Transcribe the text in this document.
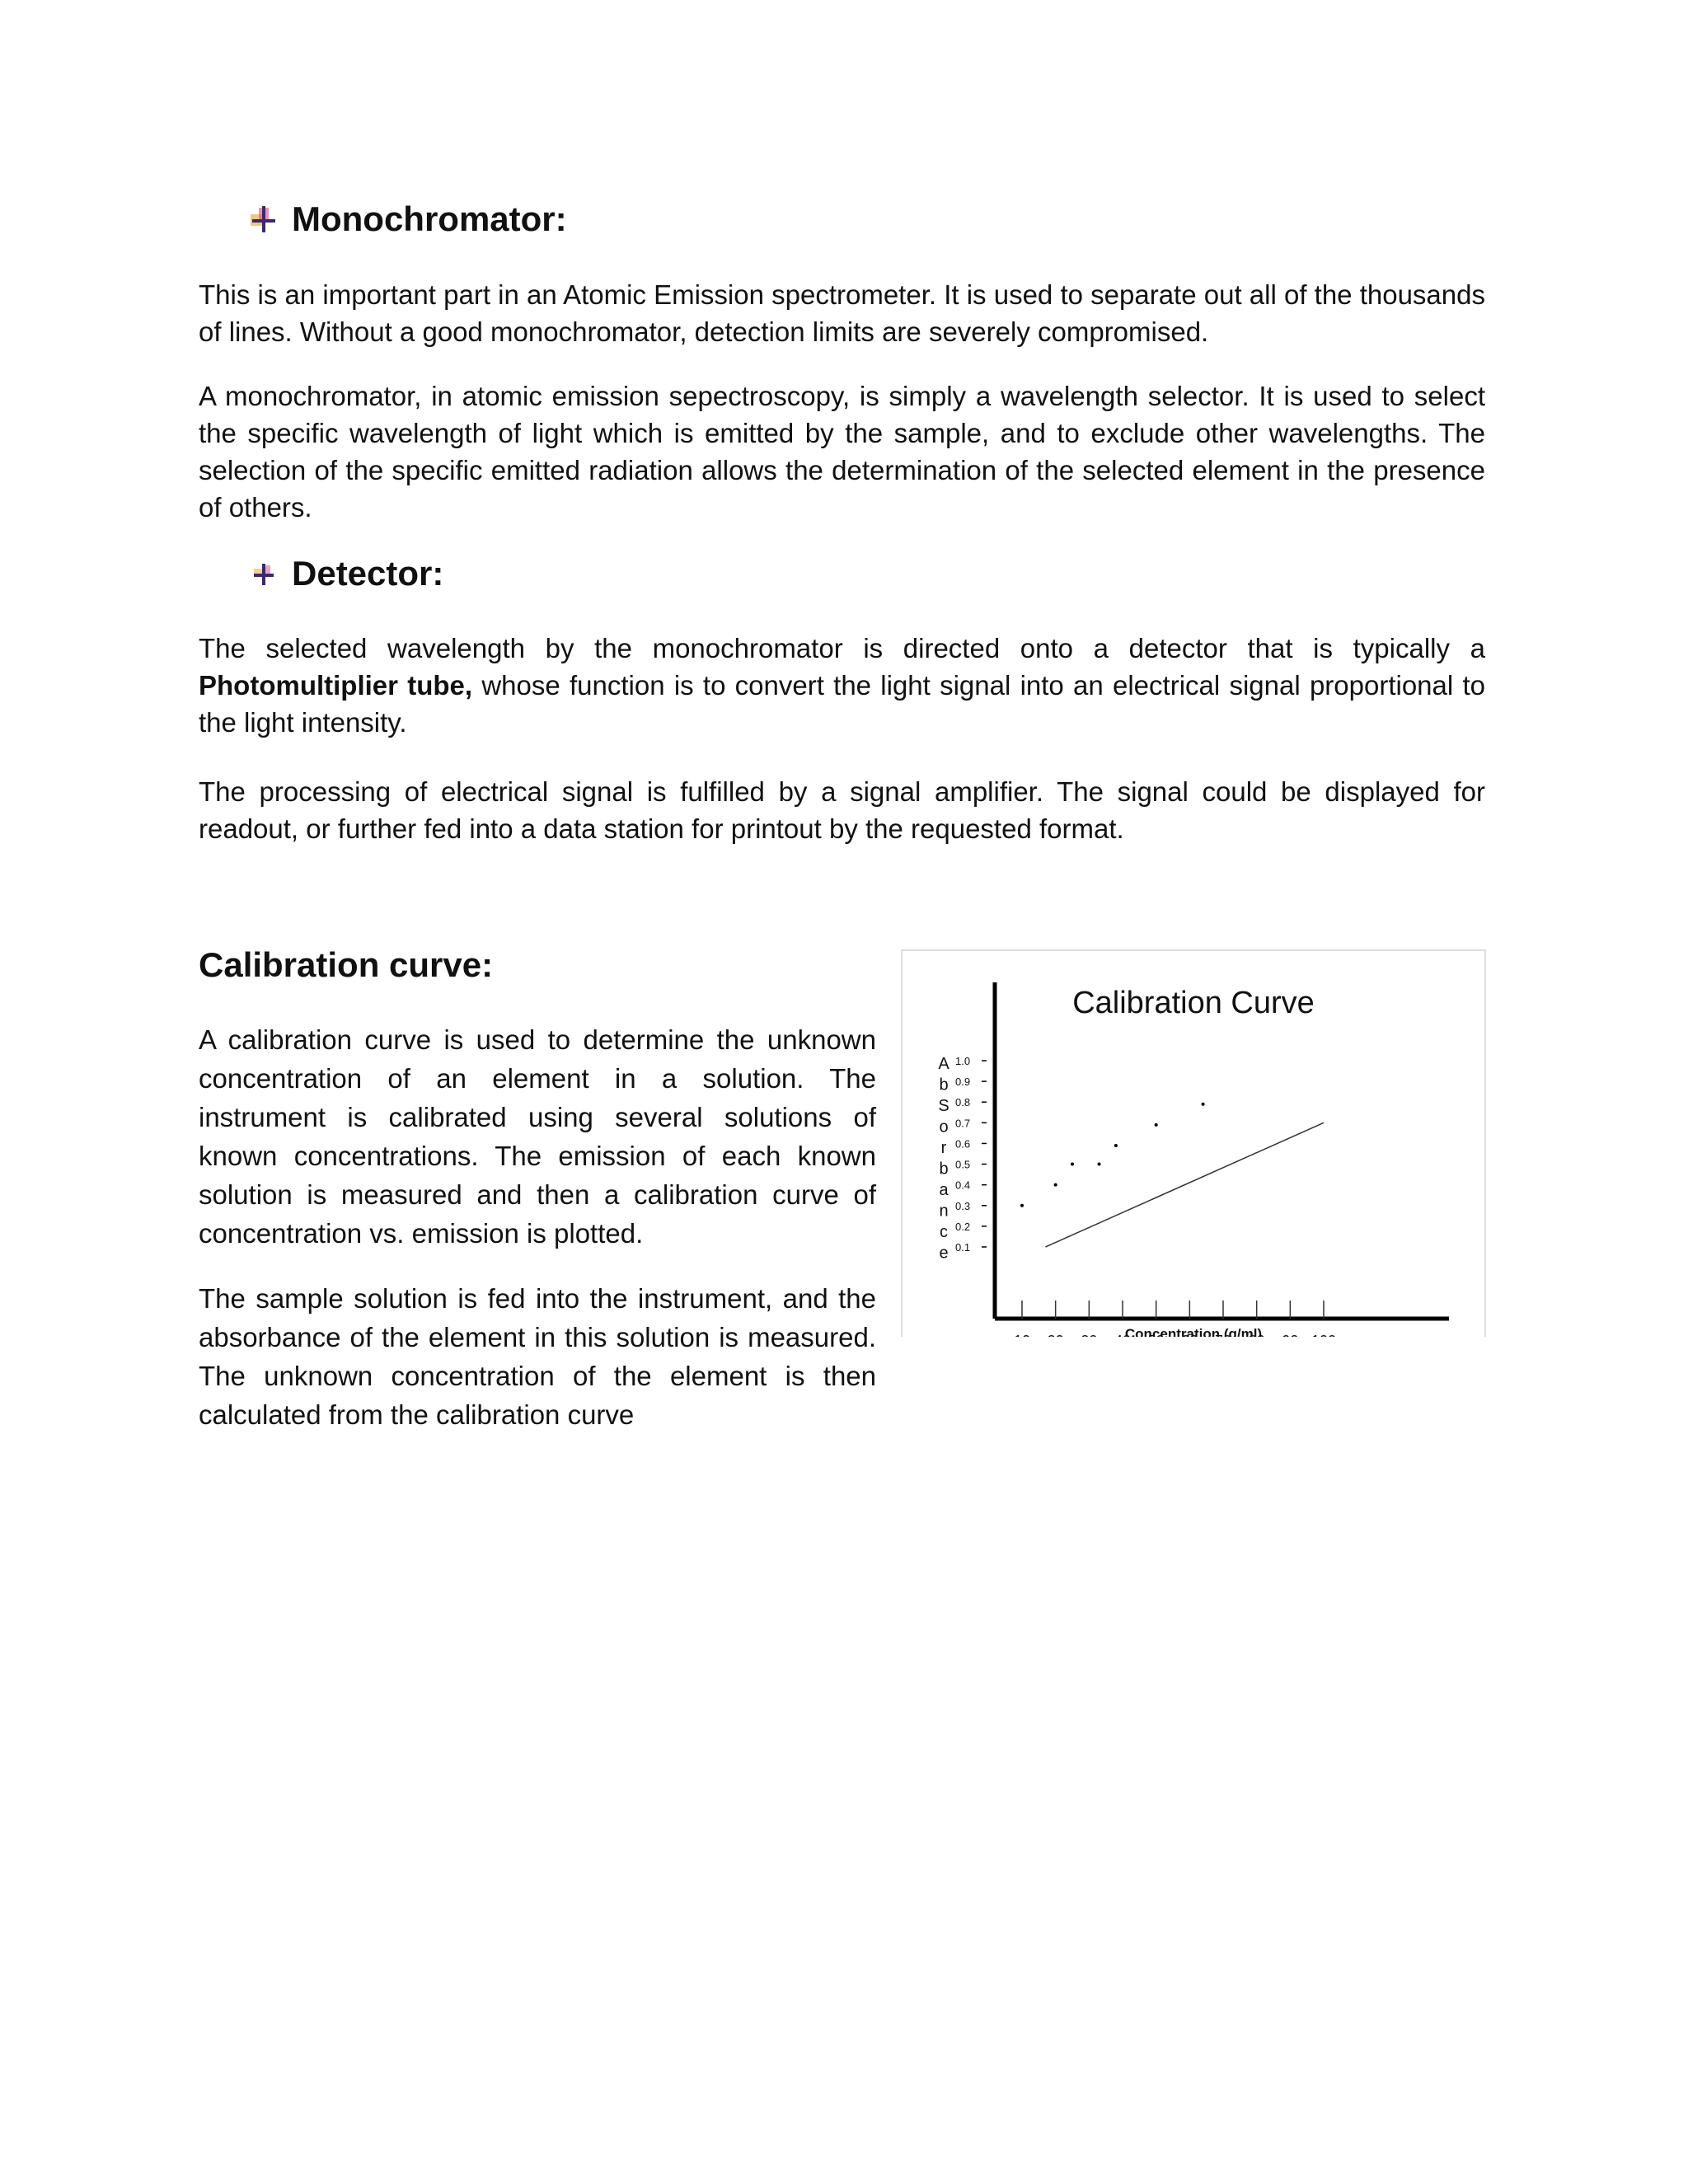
Monochromator:

This is an important part in an Atomic Emission spectrometer. It is used to separate out all of the thousands of lines. Without a good monochromator, detection limits are severely compromised.

A monochromator, in atomic emission sepectroscopy, is simply a wavelength selector. It is used to select the specific wavelength of light which is emitted by the sample, and to exclude other wavelengths. The selection of the specific emitted radiation allows the determination of the selected element in the presence of others.

Detector:

The selected wavelength by the monochromator is directed onto a detector that is typically a Photomultiplier tube, whose function is to convert the light signal into an electrical signal proportional to the light intensity.

The processing of electrical signal is fulfilled by a signal amplifier. The signal could be displayed for readout, or further fed into a data station for printout by the requested format.

Calibration curve:

A calibration curve is used to determine the unknown concentration of an element in a solution. The instrument is calibrated using several solutions of known concentrations. The emission of each known solution is measured and then a calibration curve of concentration vs. emission is plotted.

The sample solution is fed into the instrument, and the absorbance of the element in this solution is measured. The unknown concentration of the element is then calculated from the calibration curve

Calibration Curve
A
b
S
o
r
b
a
n
c
e
1.0
0.9
0.8
0.7
0.6
0.5
0.4
0.3
0.2
0.1
Concentration (g/ml)
